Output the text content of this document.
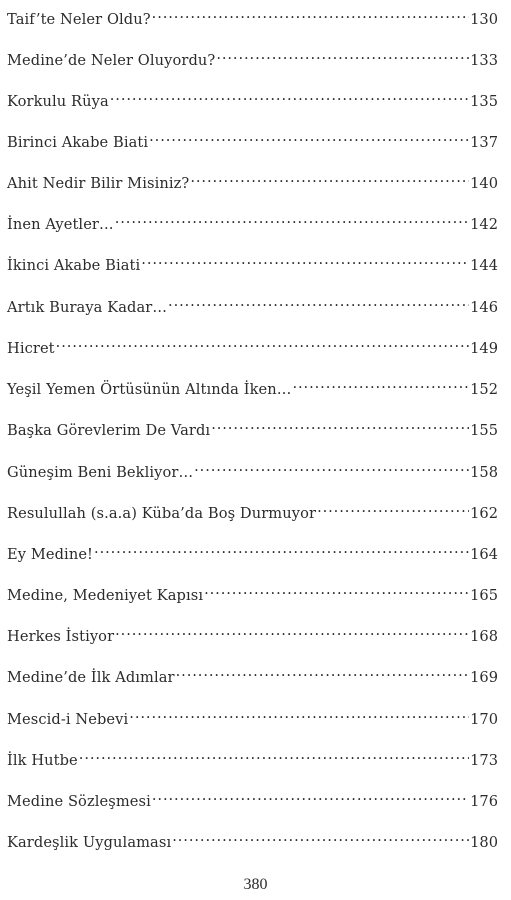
Taif’te Neler Oldu? .....	130
Medine’de Neler Oluyordu? .....	133
Korkulu Rüya .....	135
Birinci Akabe Biati .....	137
Ahit Nedir Bilir Misiniz? .....	140
İnen Ayetler… .....	142
İkinci Akabe Biati .....	144
Artık Buraya Kadar… .....	146
Hicret .....	149
Yeşil Yemen Örtüsünün Altında İken… .....	152
Başka Görevlerim De Vardı .....	155
Güneşim Beni Bekliyor… .....	158
Resulullah (s.a.a) Küba’da Boş Durmuyor .....	162
Ey Medine! .....	164
Medine, Medeniyet Kapısı .....	165
Herkes İstiyor .....	168
Medine’de İlk Adımlar .....	169
Mescid-i Nebevi .....	170
İlk Hutbe .....	173
Medine Sözleşmesi .....	176
Kardeşlik Uygulaması .....	180
380
